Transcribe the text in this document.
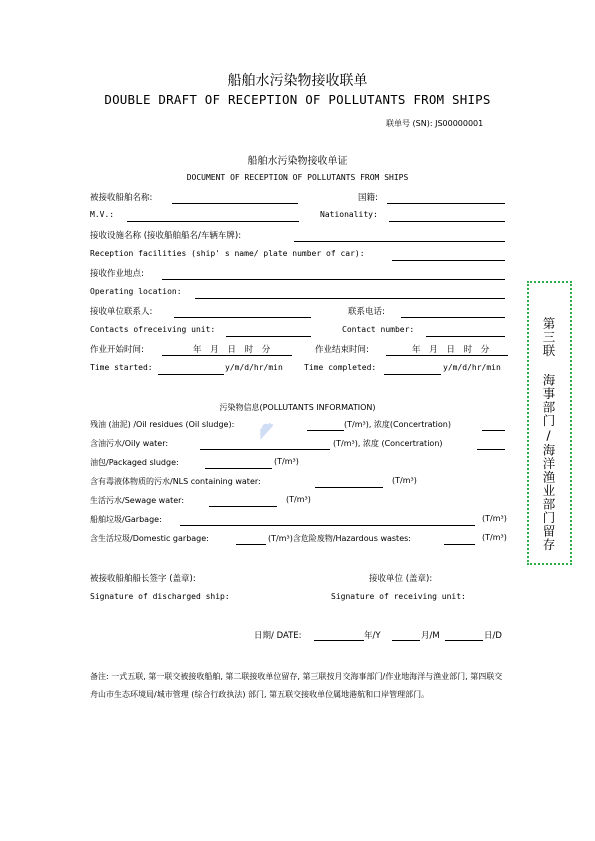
船舶水污染物接收联单
DOUBLE DRAFT OF RECEPTION OF POLLUTANTS FROM SHIPS
联单号 (SN): JS00000001
船舶水污染物接收单证
DOCUMENT OF RECEPTION OF POLLUTANTS FROM SHIPS
被接收船舶名称:	国籍:
M.V.:	Nationality:
接收设施名称 (接收船舶船名/车辆车牌):
Reception facilities (ship' s name/ plate number of car):
接收作业地点:
Operating location:
接收单位联系人:	联系电话:
Contacts ofreceiving unit:	Contact number:
作业开始时间:	年 月 日 时 分	作业结束时间:	年 月 日 时 分
Time started:	y/m/d/hr/min	Time completed:	y/m/d/hr/min
☁
污染物信息(POLLUTANTS INFORMATION)
残油 (油泥) /Oil residues (Oil sludge):	(T/m³), 浓度(Concertration)
含油污水/Oily water:	(T/m³), 浓度 (Concertration)
油包/Packaged sludge:	(T/m³)
含有毒液体物质的污水/NLS containing water:	(T/m³)
生活污水/Sewage water:	(T/m³)
船舶垃圾/Garbage:	(T/m³)
含生活垃圾/Domestic garbage:	(T/m³)含危险废物/Hazardous wastes:	(T/m³)
被接收船舶船长签字 (盖章):	接收单位 (盖章):
Signature of discharged ship:	Signature of receiving unit:
日期/ DATE:	年/Y	月/M	日/D
备注: 一式五联, 第一联交被接收船舶, 第二联接收单位留存, 第三联按月交海事部门/作业地海洋与渔业部门, 第四联交舟山市生态环境局/城市管理 (综合行政执法) 部门, 第五联交接收单位属地港航和口岸管理部门。
第三联 海事部门/海洋渔业部门留存
